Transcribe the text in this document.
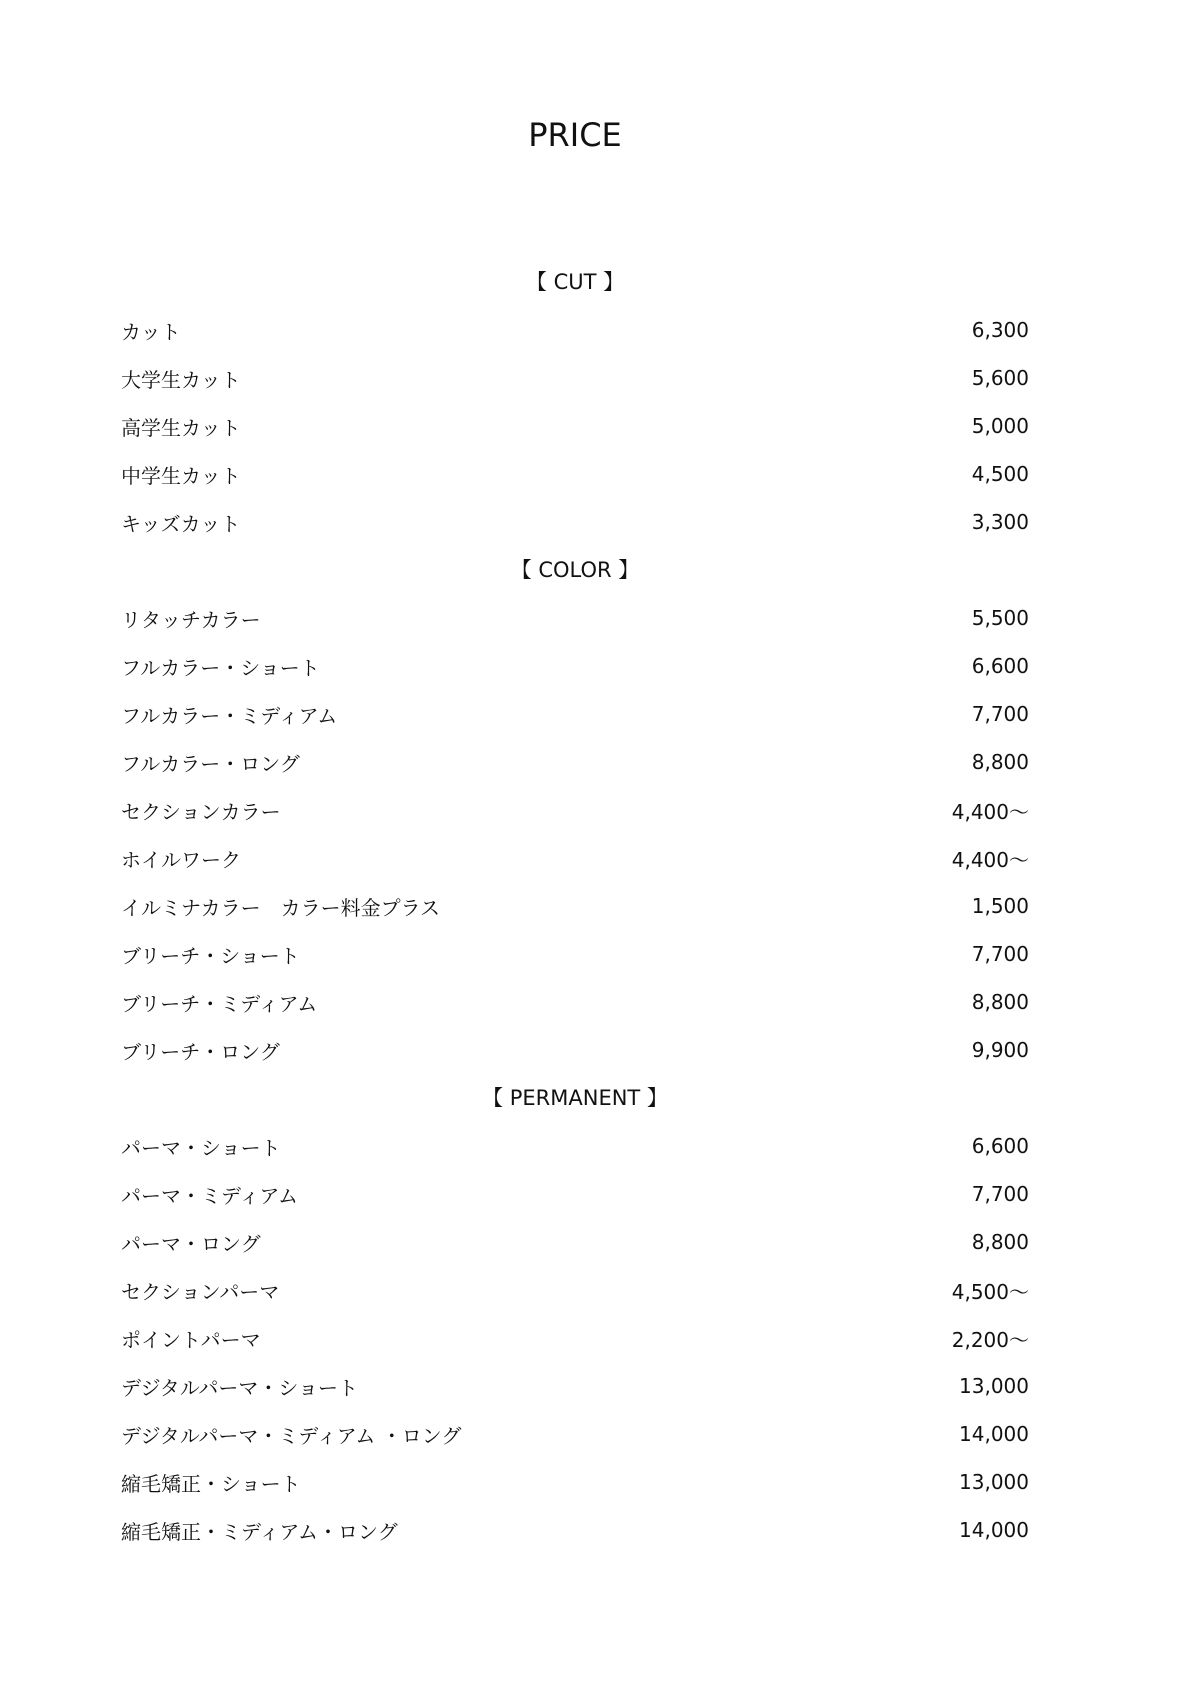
PRICE
【 CUT 】
カット	6,300
大学生カット	5,600
高学生カット	5,000
中学生カット	4,500
キッズカット	3,300
【 COLOR 】
リタッチカラー	5,500
フルカラー・ショート	6,600
フルカラー・ミディアム	7,700
フルカラー・ロング	8,800
セクションカラー	4,400〜
ホイルワーク	4,400〜
イルミナカラー　カラー料金プラス	1,500
ブリーチ・ショート	7,700
ブリーチ・ミディアム	8,800
ブリーチ・ロング	9,900
【 PERMANENT 】
パーマ・ショート	6,600
パーマ・ミディアム	7,700
パーマ・ロング	8,800
セクションパーマ	4,500〜
ポイントパーマ	2,200〜
デジタルパーマ・ショート	13,000
デジタルパーマ・ミディアム ・ロング	14,000
縮毛矯正・ショート	13,000
縮毛矯正・ミディアム・ロング	14,000
